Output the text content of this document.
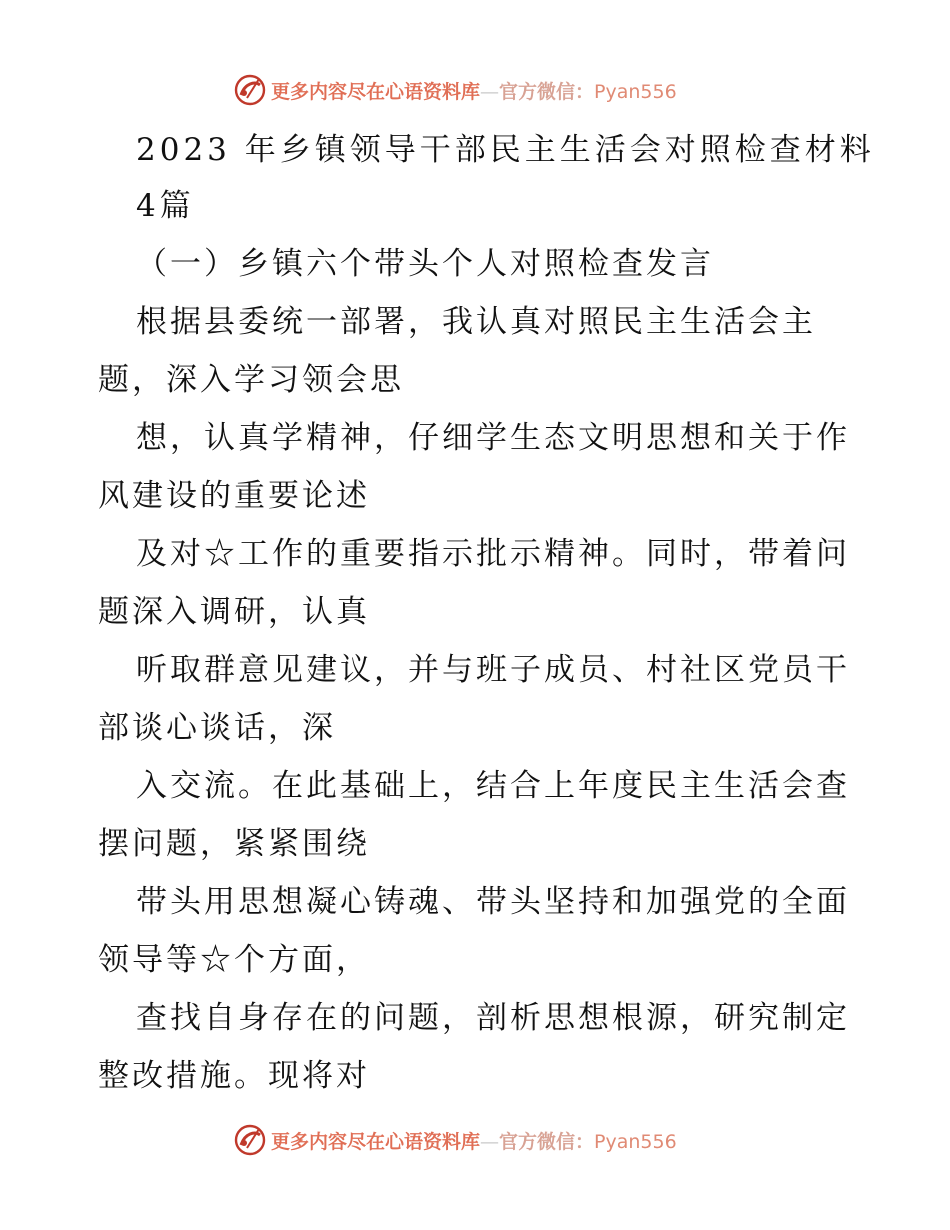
更多内容尽在心语资料库—官方微信：Pyan556
2023 年乡镇领导干部民主生活会对照检查材料
4篇
（一）乡镇六个带头个人对照检查发言
根据县委统一部署，我认真对照民主生活会主
题，深入学习领会思
想，认真学精神，仔细学生态文明思想和关于作
风建设的重要论述
及对☆工作的重要指示批示精神。同时，带着问
题深入调研，认真
听取群意见建议，并与班子成员、村社区党员干
部谈心谈话，深
入交流。在此基础上，结合上年度民主生活会查
摆问题，紧紧围绕
带头用思想凝心铸魂、带头坚持和加强党的全面
领导等☆个方面，
查找自身存在的问题，剖析思想根源，研究制定
整改措施。现将对
更多内容尽在心语资料库—官方微信：Pyan556
